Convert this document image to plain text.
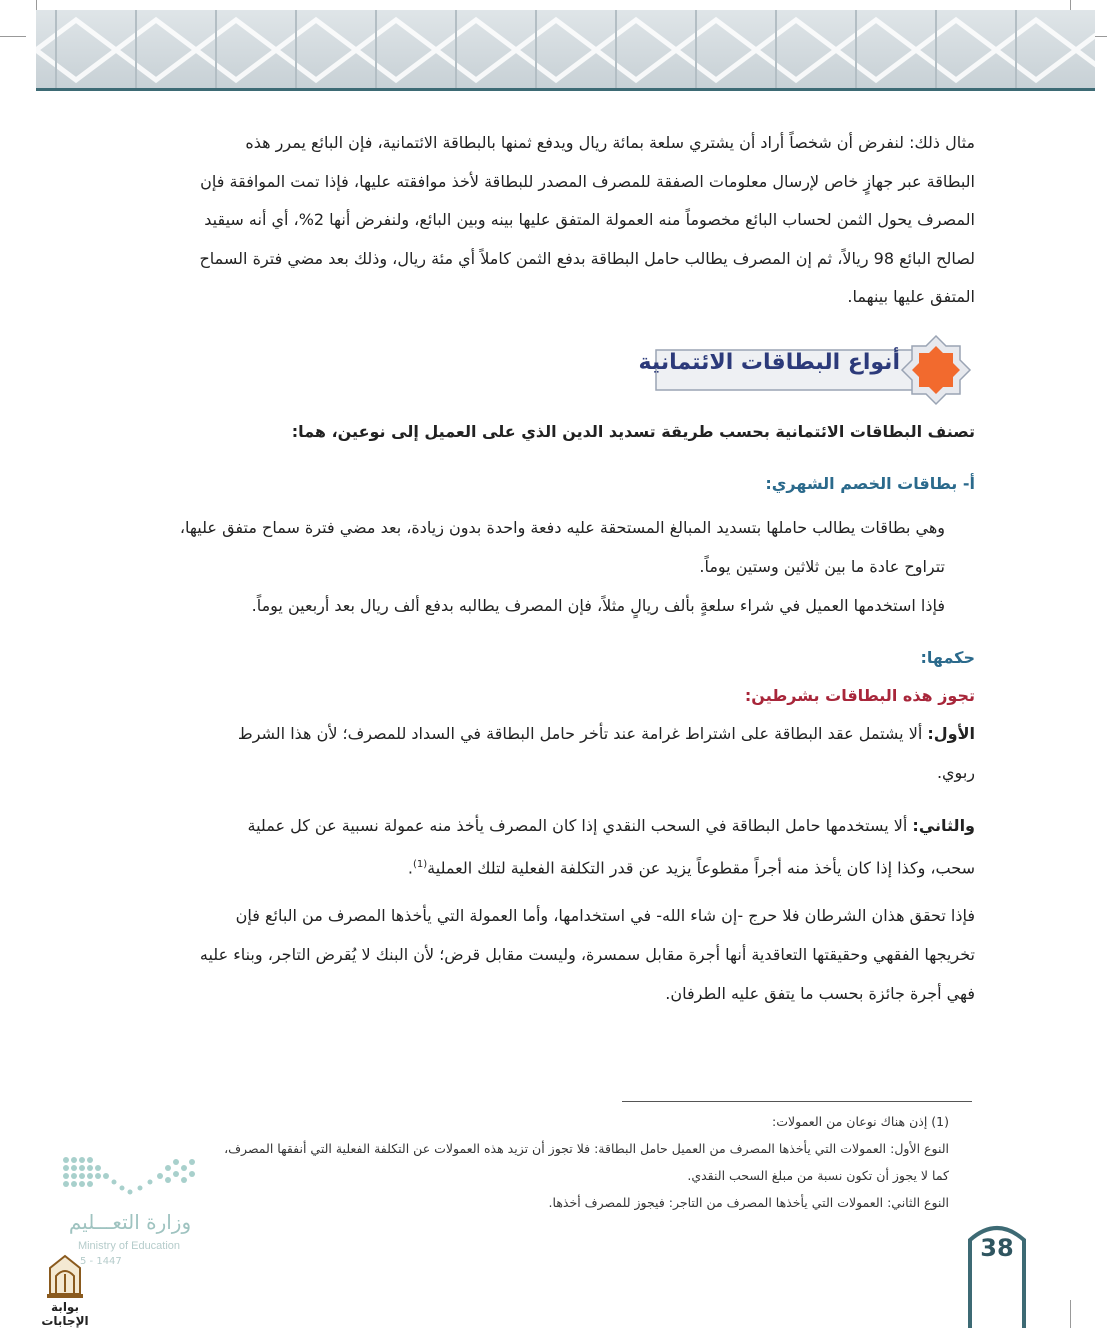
مثال ذلك: لنفرض أن شخصاً أراد أن يشتري سلعة بمائة ريال ويدفع ثمنها بالبطاقة الائتمانية، فإن البائع يمرر هذه

البطاقة عبر جهازٍ خاص لإرسال معلومات الصفقة للمصرف المصدر للبطاقة لأخذ موافقته عليها، فإذا تمت الموافقة فإن

المصرف يحول الثمن لحساب البائع مخصوماً منه العمولة المتفق عليها بينه وبين البائع، ولنفرض أنها 2%، أي أنه سيقيد

لصالح البائع 98 ريالاً، ثم إن المصرف يطالب حامل البطاقة بدفع الثمن كاملاً أي مئة ريال، وذلك بعد مضي فترة السماح

المتفق عليها بينهما.

أنواع البطاقات الائتمانية
تصنف البطاقات الائتمانية بحسب طريقة تسديد الدين الذي على العميل إلى نوعين، هما:
أ- بطاقات الخصم الشهري:

وهي بطاقات يطالب حاملها بتسديد المبالغ المستحقة عليه دفعة واحدة بدون زيادة، بعد مضي فترة سماح متفق عليها،

تتراوح عادة ما بين ثلاثين وستين يوماً.

فإذا استخدمها العميل في شراء سلعةٍ بألف ريالٍ مثلاً، فإن المصرف يطالبه بدفع ألف ريال بعد أربعين يوماً.

حكمها:
تجوز هذه البطاقات بشرطين:

الأول: ألا يشتمل عقد البطاقة على اشتراط غرامة عند تأخر حامل البطاقة في السداد للمصرف؛ لأن هذا الشرط

ربوي.

والثاني: ألا يستخدمها حامل البطاقة في السحب النقدي إذا كان المصرف يأخذ منه عمولة نسبية عن كل عملية

سحب، وكذا إذا كان يأخذ منه أجراً مقطوعاً يزيد عن قدر التكلفة الفعلية لتلك العملية$^{(1)}$.

فإذا تحقق هذان الشرطان فلا حرج -إن شاء الله- في استخدامها، وأما العمولة التي يأخذها المصرف من البائع فإن

تخريجها الفقهي وحقيقتها التعاقدية أنها أجرة مقابل سمسرة، وليست مقابل قرض؛ لأن البنك لا يُقرض التاجر، وبناء عليه

فهي أجرة جائزة بحسب ما يتفق عليه الطرفان.

(1) إذن هناك نوعان من العمولات:
النوع الأول: العمولات التي يأخذها المصرف من العميل حامل البطاقة: فلا تجوز أن تزيد هذه العمولات عن التكلفة الفعلية التي أنفقها المصرف،
كما لا يجوز أن تكون نسبة من مبلغ السحب النقدي.
النوع الثاني: العمولات التي يأخذها المصرف من التاجر: فيجوز للمصرف أخذها.
وزارة التعـــليم
Ministry of Education
5 - 1447
بوابة الإجابات
38
